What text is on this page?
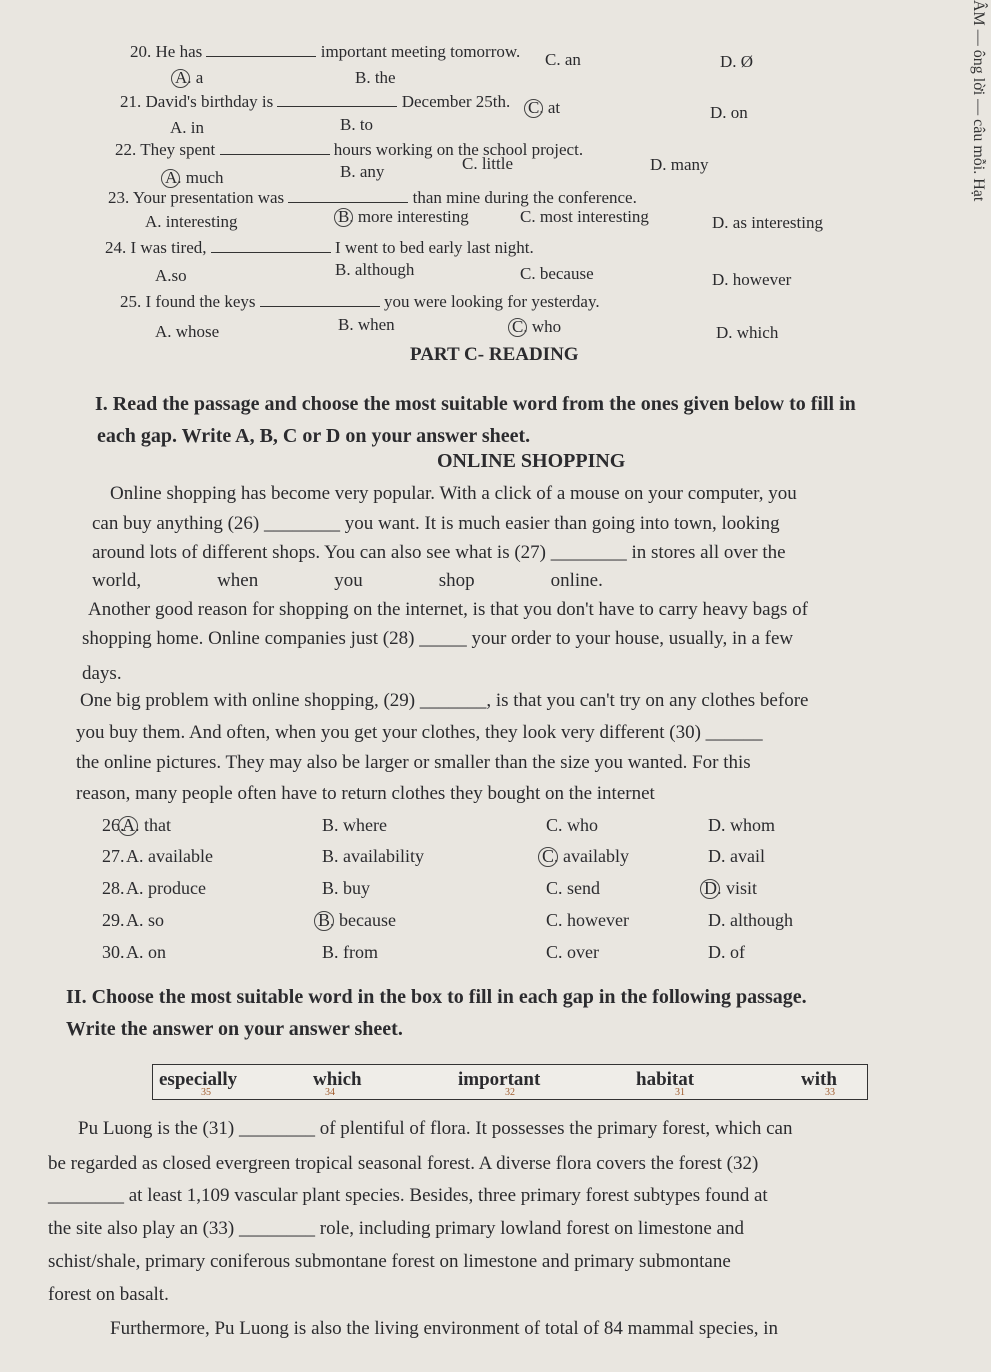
ÂM — ông lời — câu mỗi. Hạt
20. He has	important meeting tomorrow.
A. a	B. the
C. an	D. Ø
21. David's birthday is	December 25th.
A. in	B. to
C. at	D. on
22. They spent	hours working on the school project.
A. much	B. any	C. little	D. many
23. Your presentation was	than mine during the conference.
A. interesting	B. more interesting	C. most interesting	D. as interesting
24. I was tired,	I went to bed early last night.
A.so	B. although	C. because	D. however
25. I found the keys	you were looking for yesterday.
A. whose	B. when	C. who	D. which
PART C- READING
I. Read the passage and choose the most suitable word from the ones given below to fill in
each gap. Write A, B, C or D on your answer sheet.
ONLINE SHOPPING
Online shopping has become very popular. With a click of a mouse on your computer, you
can buy anything (26) ________ you want. It is much easier than going into town, looking
around lots of different shops. You can also see what is (27) ________ in stores all over the
world,                when                you                shop                online.
Another good reason for shopping on the internet, is that you don't have to carry heavy bags of
shopping home. Online companies just (28) _____ your order to your house, usually, in a few
days.
One big problem with online shopping, (29) _______, is that you can't try on any clothes before
you buy them. And often, when you get your clothes, they look very different (30) ______
the online pictures. They may also be larger or smaller than the size you wanted. For this
reason, many people often have to return clothes they bought on the internet
26.
A. that	B. where	C. who	D. whom
27. A. available	B. availability	C. availably	D. avail
28. A. produce	B. buy	C. send	D. visit
29. A. so	B. because	C. however	D. although
30. A. on	B. from	C. over	D. of
II. Choose the most suitable word in the box to fill in each gap in the following passage.
Write the answer on your answer sheet.
especially	which	important	habitat	with
35	34	32	31	33
Pu Luong is the (31) ________ of plentiful of flora. It possesses the primary forest, which can
be regarded as closed evergreen tropical seasonal forest. A diverse flora covers the forest (32)
________ at least 1,109 vascular plant species. Besides, three primary forest subtypes found at
the site also play an (33) ________ role, including primary lowland forest on limestone and
schist/shale, primary coniferous submontane forest on limestone and primary submontane
forest on basalt.
Furthermore, Pu Luong is also the living environment of total of 84 mammal species, in
